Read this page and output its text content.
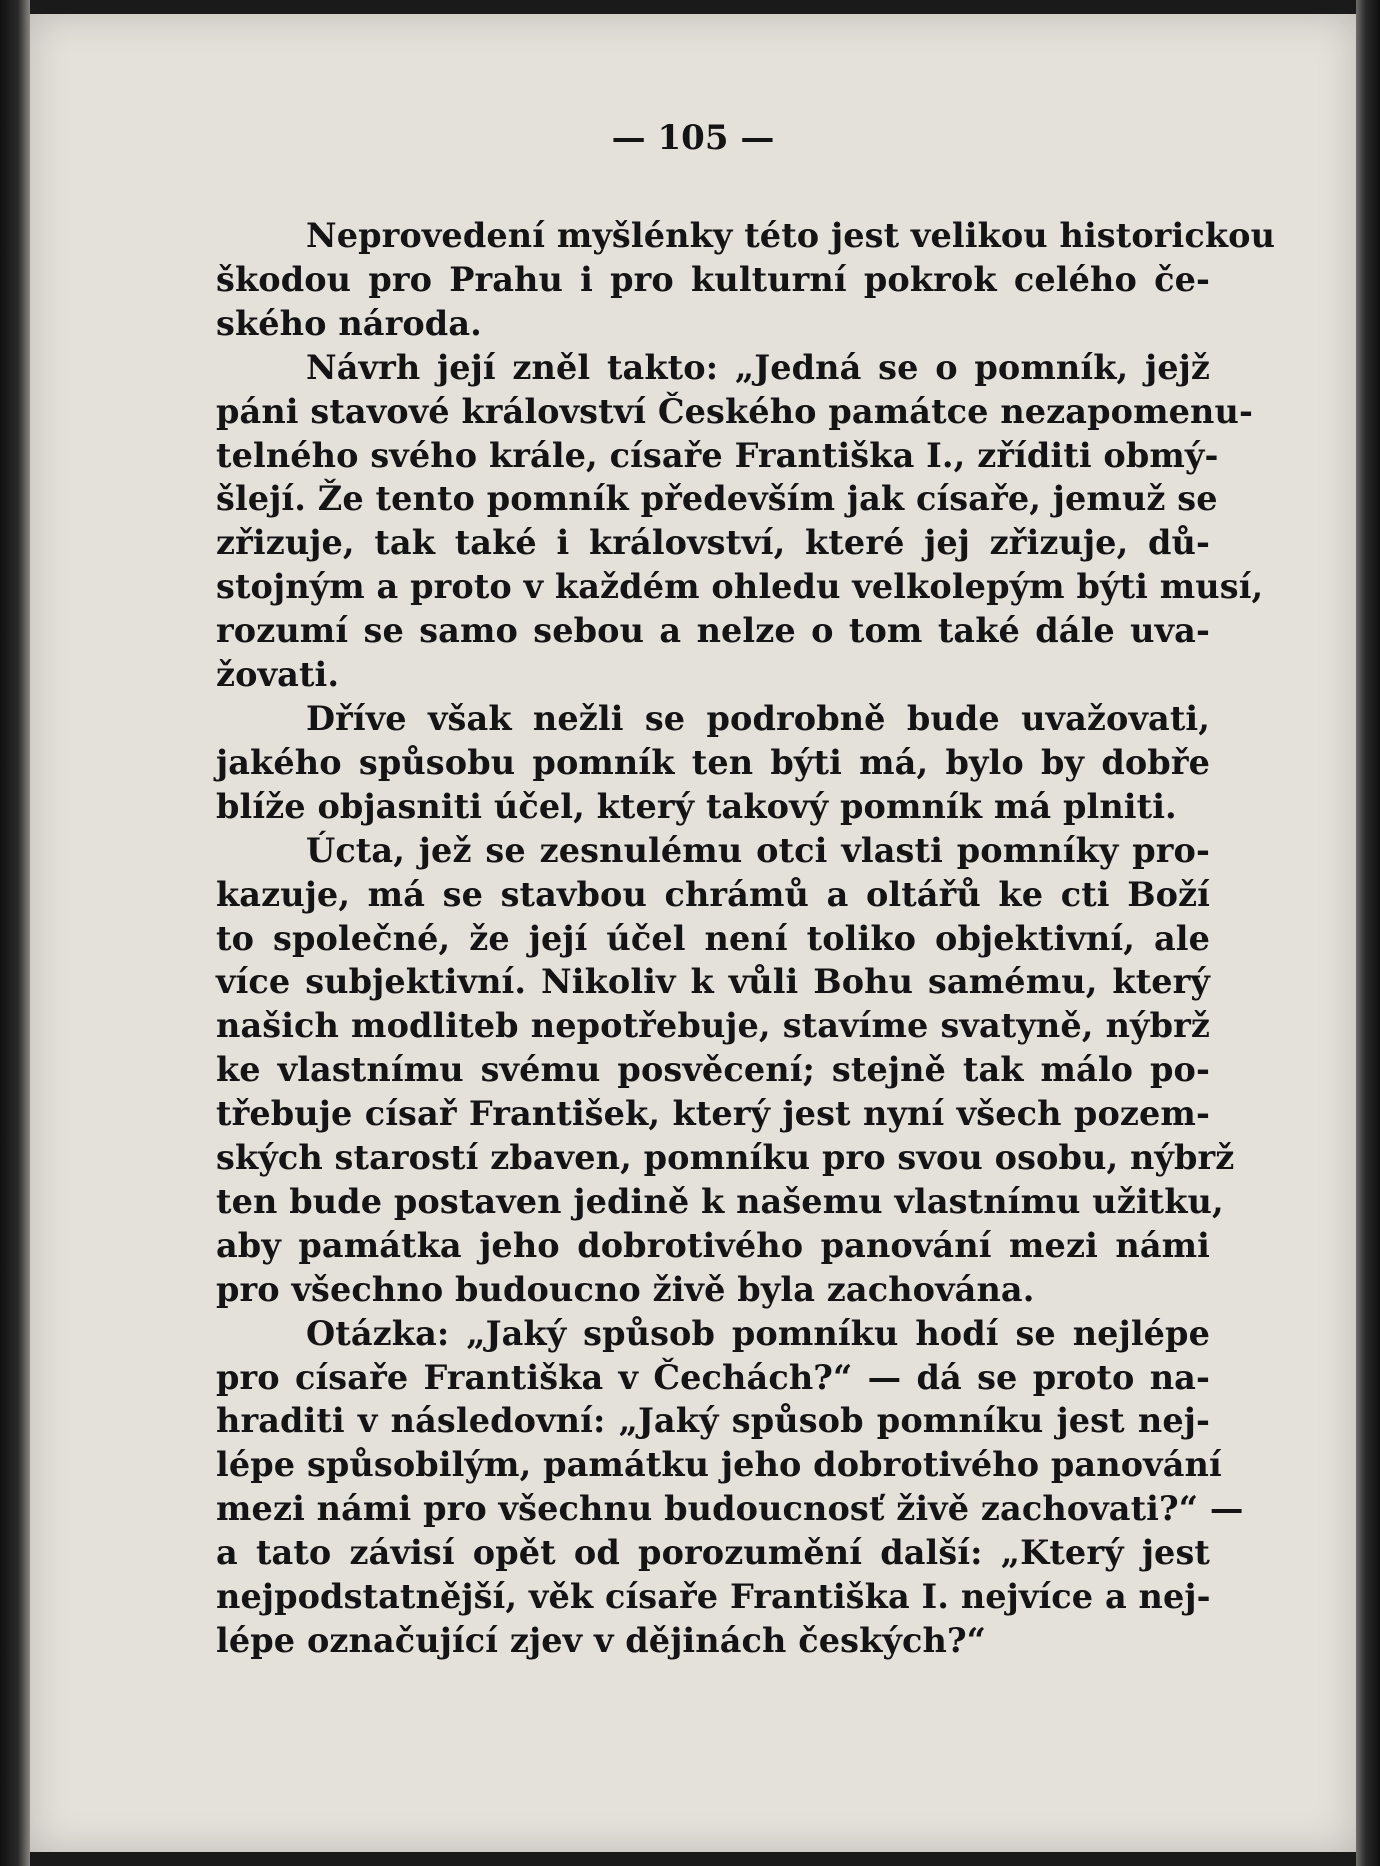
— 105 —
Neprovedení myšlénky této jest velikou historickou
škodou pro Prahu i pro kulturní pokrok celého če-
ského národa.
Návrh její zněl takto: „Jedná se o pomník, jejž
páni stavové království Českého památce nezapomenu-
telného svého krále, císaře Františka I., zříditi obmý-
šlejí. Že tento pomník především jak císaře, jemuž se
zřizuje, tak také i království, které jej zřizuje, dů-
stojným a proto v každém ohledu velkolepým býti musí,
rozumí se samo sebou a nelze o tom také dále uva-
žovati.
Dříve však nežli se podrobně bude uvažovati,
jakého spůsobu pomník ten býti má, bylo by dobře
blíže objasniti účel, který takový pomník má plniti.
Úcta, jež se zesnulému otci vlasti pomníky pro-
kazuje, má se stavbou chrámů a oltářů ke cti Boží
to společné, že její účel není toliko objektivní, ale
více subjektivní. Nikoliv k vůli Bohu samému, který
našich modliteb nepotřebuje, stavíme svatyně, nýbrž
ke vlastnímu svému posvěcení; stejně tak málo po-
třebuje císař František, který jest nyní všech pozem-
ských starostí zbaven, pomníku pro svou osobu, nýbrž
ten bude postaven jedině k našemu vlastnímu užitku,
aby památka jeho dobrotivého panování mezi námi
pro všechno budoucno živě byla zachována.
Otázka: „Jaký spůsob pomníku hodí se nejlépe
pro císaře Františka v Čechách?“ — dá se proto na-
hraditi v následovní: „Jaký spůsob pomníku jest nej-
lépe spůsobilým, památku jeho dobrotivého panování
mezi námi pro všechnu budoucnosť živě zachovati?“ —
a tato závisí opět od porozumění další: „Který jest
nejpodstatnější, věk císaře Františka I. nejvíce a nej-
lépe označující zjev v dějinách českých?“
